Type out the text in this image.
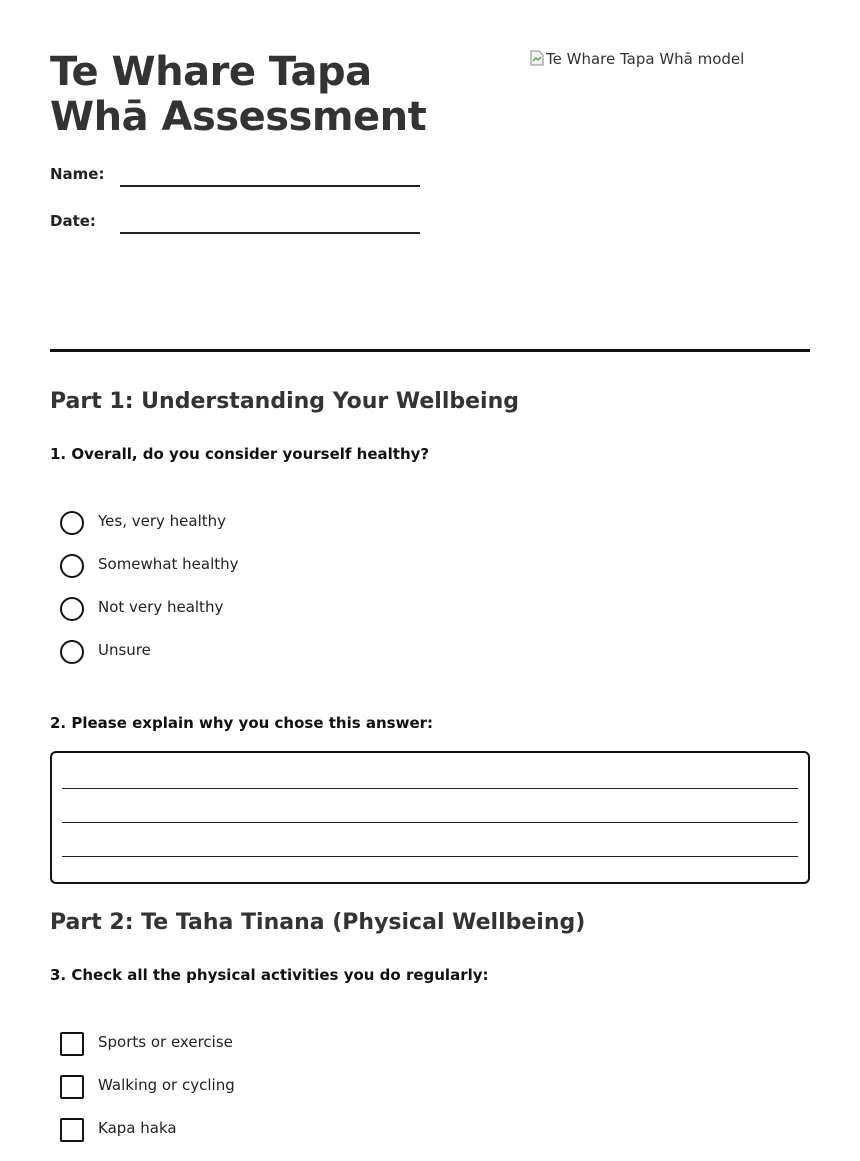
Te Whare Tapa Whā Assessment
Name:
Date:
Te Whare Tapa Whā model
Part 1: Understanding Your Wellbeing

1. Overall, do you consider yourself healthy?

Yes, very healthy
Somewhat healthy
Not very healthy
Unsure

2. Please explain why you chose this answer:

Part 2: Te Taha Tinana (Physical Wellbeing)

3. Check all the physical activities you do regularly:

Sports or exercise
Walking or cycling
Kapa haka
